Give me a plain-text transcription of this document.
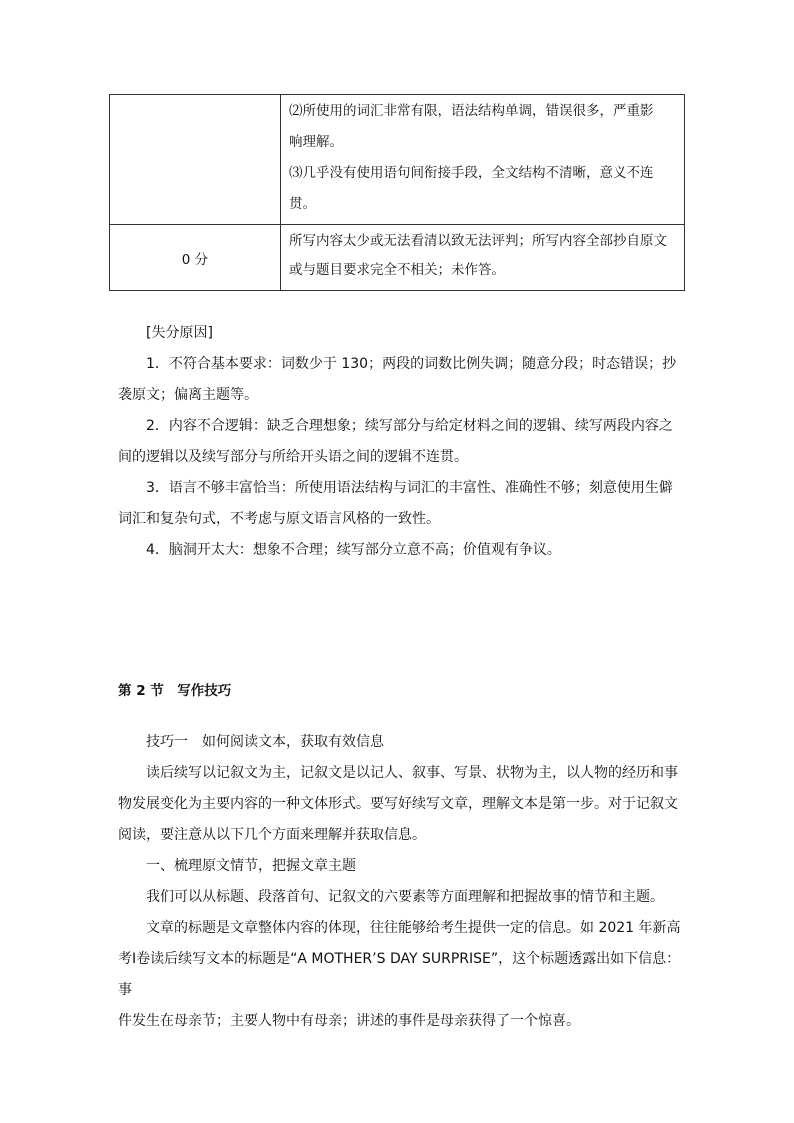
	⑵所使用的词汇非常有限，语法结构单调，错误很多，严重影
响理解。
⑶几乎没有使用语句间衔接手段，全文结构不清晰，意义不连
贯。

0 分	所写内容太少或无法看清以致无法评判；所写内容全部抄自原文
或与题目要求完全不相关；未作答。

[失分原因]

1．不符合基本要求：词数少于 130；两段的词数比例失调；随意分段；时态错误；抄

袭原文；偏离主题等。

2．内容不合逻辑：缺乏合理想象；续写部分与给定材料之间的逻辑、续写两段内容之

间的逻辑以及续写部分与所给开头语之间的逻辑不连贯。

3．语言不够丰富恰当：所使用语法结构与词汇的丰富性、准确性不够；刻意使用生僻

词汇和复杂句式，不考虑与原文语言风格的一致性。

4．脑洞开太大：想象不合理；续写部分立意不高；价值观有争议。

第 2 节　写作技巧

技巧一　如何阅读文本，获取有效信息

读后续写以记叙文为主，记叙文是以记人、叙事、写景、状物为主，以人物的经历和事

物发展变化为主要内容的一种文体形式。要写好续写文章，理解文本是第一步。对于记叙文

阅读，要注意从以下几个方面来理解并获取信息。

一、梳理原文情节，把握文章主题

我们可以从标题、段落首句、记叙文的六要素等方面理解和把握故事的情节和主题。

文章的标题是文章整体内容的体现，往往能够给考生提供一定的信息。如 2021 年新高

考Ⅰ卷读后续写文本的标题是“A MOTHER’S DAY SURPRISE”，这个标题透露出如下信息：事

件发生在母亲节；主要人物中有母亲；讲述的事件是母亲获得了一个惊喜。
